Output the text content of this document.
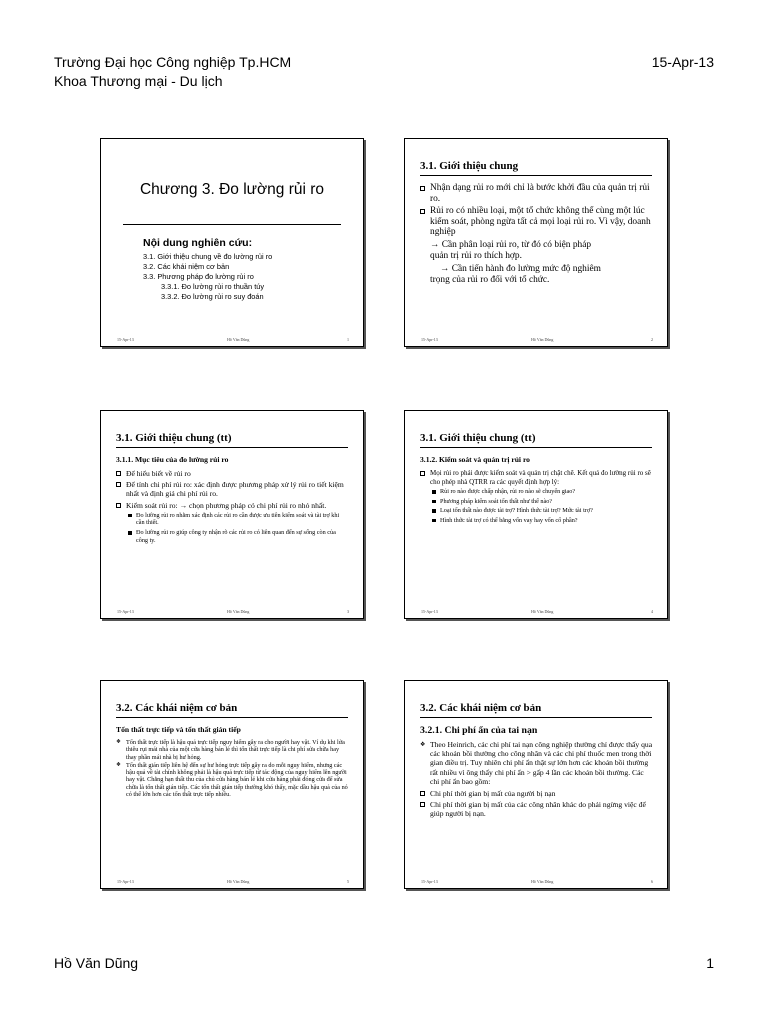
Trường Đại học Công nghiệp Tp.HCM
Khoa Thương mại - Du lịch
15-Apr-13
Chương 3. Đo lường rủi ro
Nội dung nghiên cứu:
3.1. Giới thiệu chung về đo lường rủi ro
3.2. Các khái niệm cơ bản
3.3. Phương pháp đo lường rủi ro
3.3.1. Đo lường rủi ro thuần túy
3.3.2. Đo lường rủi ro suy đoán
15-Apr-13	Hồ Văn Dũng	1
3.1. Giới thiệu chung
Nhận dạng rủi ro mới chỉ là bước khởi đầu của quản trị rủi ro.
Rủi ro có nhiều loại, một tổ chức không thể cùng một lúc kiểm soát, phòng ngừa tất cả mọi loại rủi ro. Vì vậy, doanh nghiệp
→ Cần phân loại rủi ro, từ đó có biện pháp
quản trị rủi ro thích hợp.
→ Cần tiến hành đo lường mức độ nghiêm
trọng của rủi ro đối với tổ chức.
15-Apr-13	Hồ Văn Dũng	2
3.1. Giới thiệu chung (tt)
3.1.1. Mục tiêu của đo lường rủi ro
Để hiểu biết về rủi ro
Để tính chi phí rủi ro: xác định được phương pháp xử lý rủi ro tiết kiệm nhất và định giá chi phí rủi ro.
Kiểm soát rủi ro: → chọn phương pháp có chi phí rủi ro nhỏ nhất.
Đo lường rủi ro nhằm xác định các rủi ro cần được ưu tiên kiểm soát và tài trợ khi cần thiết.
Đo lường rủi ro giúp công ty nhận rõ các rủi ro có liên quan đến sự sống còn của công ty.
15-Apr-13	Hồ Văn Dũng	3
3.1. Giới thiệu chung (tt)
3.1.2. Kiểm soát và quản trị rủi ro
Mọi rủi ro phải được kiểm soát và quản trị chặt chẽ. Kết quả đo lường rủi ro sẽ cho phép nhà QTRR ra các quyết định hợp lý:
Rủi ro nào được chấp nhận, rủi ro nào sẽ chuyển giao?
Phương pháp kiểm soát tổn thất như thế nào?
Loại tổn thất nào được tài trợ? Hình thức tài trợ? Mức tài trợ?
Hình thức tài trợ có thể bằng vốn vay hay vốn cổ phần?
15-Apr-13	Hồ Văn Dũng	4
3.2. Các khái niệm cơ bản
Tổn thất trực tiếp và tổn thất gián tiếp
❖ Tổn thất trực tiếp là hậu quả trực tiếp nguy hiểm gây ra cho người hay vật. Ví dụ khi lửa thiêu rụi mái nhà của một cửa hàng bán lẻ thì tổn thất trực tiếp là chi phí sửa chữa hay thay phần mái nhà bị hư hỏng.
❖ Tổn thất gián tiếp liên hệ đến sự hư hỏng trực tiếp gây ra do mỗi nguy hiểm, nhưng các hậu quả về tài chính không phải là hậu quả trực tiếp từ tác động của nguy hiểm lên người hay vật. Chẳng hạn thất thu của chủ cửa hàng bán lẻ khi cửa hàng phải đóng cửa để sửa chữa là tổn thất gián tiếp. Các tổn thất gián tiếp thường khó thấy, mặc dầu hậu quả của nó có thể lớn hơn các tổn thất trực tiếp nhiều.
15-Apr-13	Hồ Văn Dũng	5
3.2. Các khái niệm cơ bản
3.2.1. Chi phí ẩn của tai nạn
❖ Theo Heinrich, các chi phí tai nạn công nghiệp thường chỉ được thấy qua các khoản bồi thường cho công nhân và các chi phí thuốc men trong thời gian điều trị. Tuy nhiên chi phí ẩn thật sự lớn hơn các khoản bồi thường rất nhiều vì ông thấy chi phí ẩn > gấp 4 lần các khoản bồi thường. Các chi phí ẩn bao gồm:
Chi phí thời gian bị mất của người bị nạn
Chi phí thời gian bị mất của các công nhân khác do phải ngừng việc để giúp người bị nạn.
15-Apr-13	Hồ Văn Dũng	6
Hồ Văn Dũng	1
